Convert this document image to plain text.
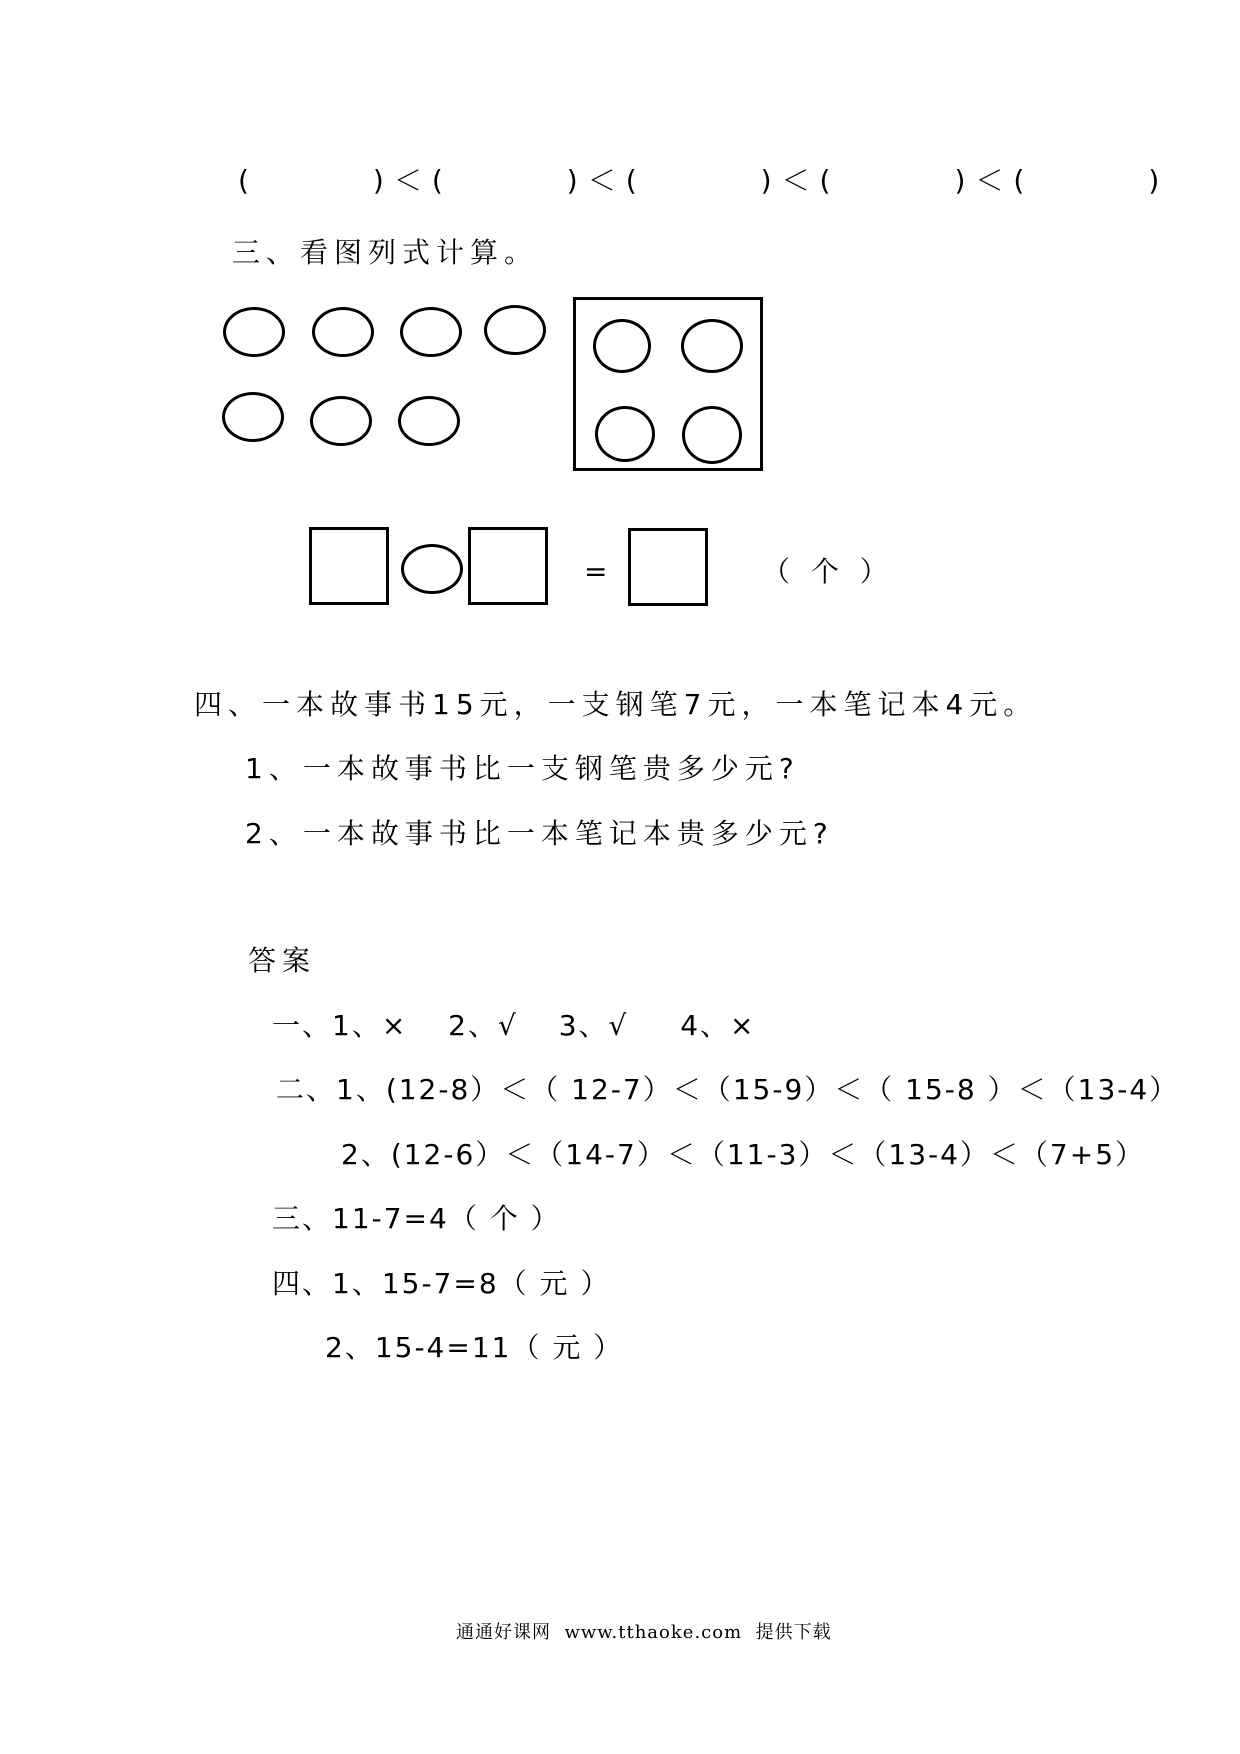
(　　　)＜(　　　)＜(　　　)＜(　　　)＜(　　　)
三、看图列式计算。
=	（ 个 ）
四、一本故事书15元，一支钢笔7元，一本笔记本4元。
1、一本故事书比一支钢笔贵多少元?
2、一本故事书比一本笔记本贵多少元?
答案
一、1、×　 2、√　 3、√　  4、×
二、1、(12-8）＜（ 12-7）＜（15-9）＜（ 15-8 ）＜（13-4）
2、(12-6）＜（14-7）＜（11-3）＜（13-4）＜（7+5）
三、11-7=4（ 个 ）
四、1、15-7=8（ 元 ）
2、15-4=11（ 元 ）
通通好课网  www.tthaoke.com  提供下载
